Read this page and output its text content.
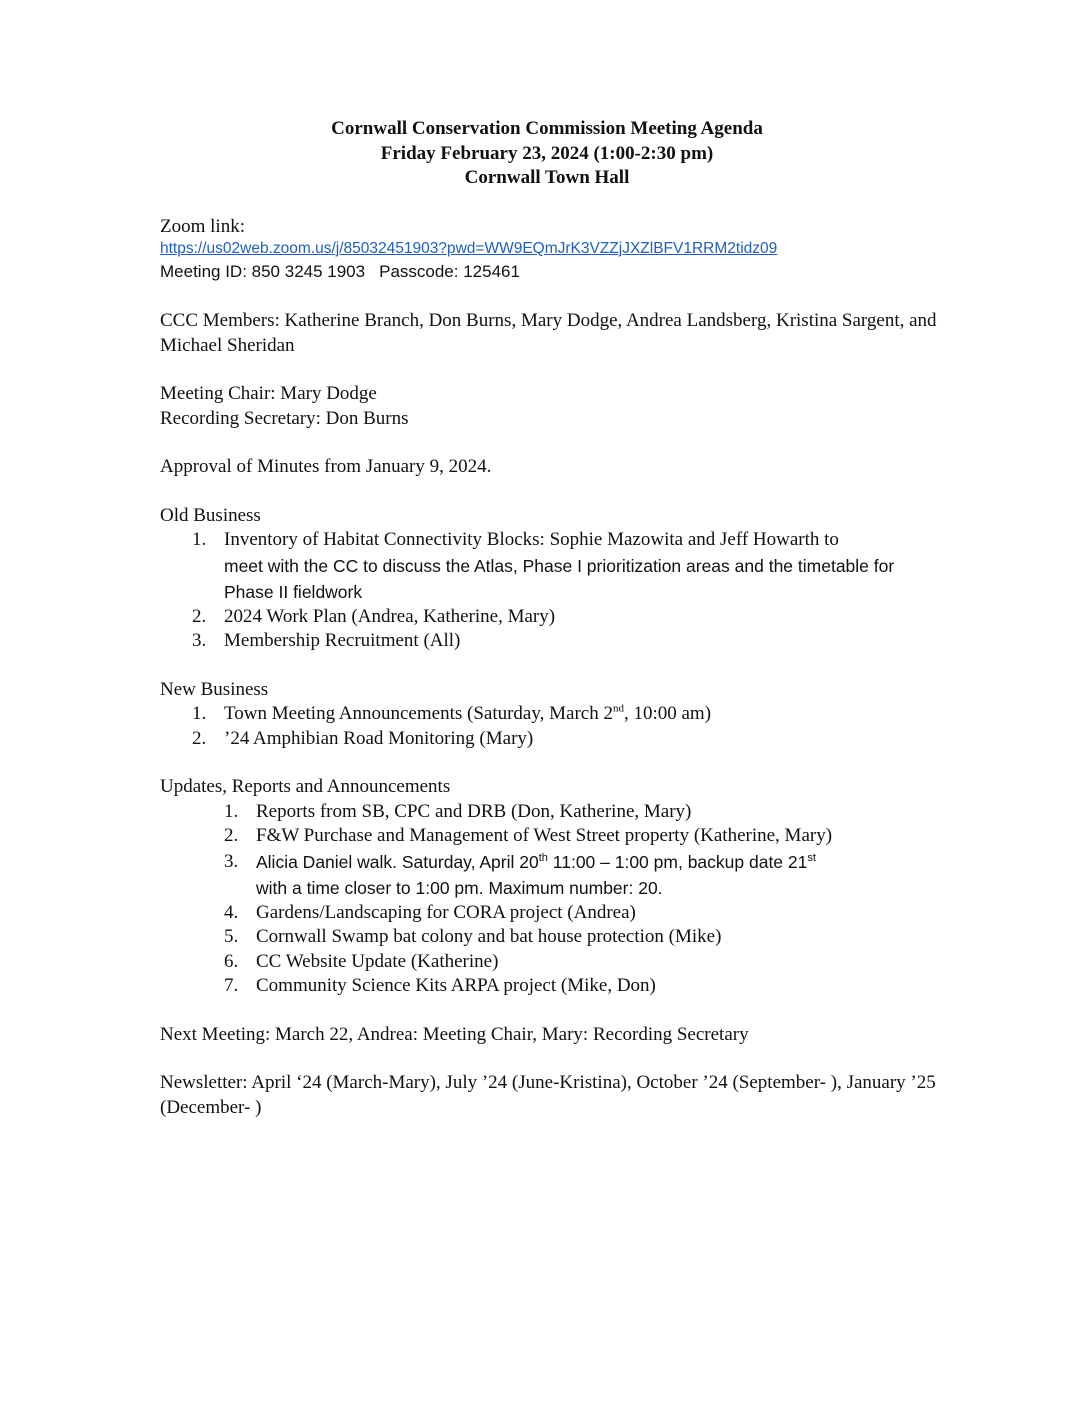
Cornwall Conservation Commission Meeting Agenda
Friday February 23, 2024 (1:00-2:30 pm)
Cornwall Town Hall
Zoom link:
https://us02web.zoom.us/j/85032451903?pwd=WW9EQmJrK3VZZjJXZlBFV1RRM2tidz09
Meeting ID: 850 3245 1903 Passcode: 125461
CCC Members: Katherine Branch, Don Burns, Mary Dodge, Andrea Landsberg, Kristina Sargent, and Michael Sheridan
Meeting Chair: Mary Dodge
Recording Secretary: Don Burns
Approval of Minutes from January 9, 2024.
Old Business
1. Inventory of Habitat Connectivity Blocks: Sophie Mazowita and Jeff Howarth to
meet with the CC to discuss the Atlas, Phase I prioritization areas and the timetable for Phase II fieldwork
2. 2024 Work Plan (Andrea, Katherine, Mary)
3. Membership Recruitment (All)
New Business
1. Town Meeting Announcements (Saturday, March 2nd, 10:00 am)
2. ’24 Amphibian Road Monitoring (Mary)
Updates, Reports and Announcements
1. Reports from SB, CPC and DRB (Don, Katherine, Mary)
2. F&W Purchase and Management of West Street property (Katherine, Mary)
3.	Alicia Daniel walk. Saturday, April 20th 11:00 – 1:00 pm, backup date 21st
with a time closer to 1:00 pm. Maximum number: 20.
4. Gardens/Landscaping for CORA project (Andrea)
5. Cornwall Swamp bat colony and bat house protection (Mike)
6. CC Website Update (Katherine)
7. Community Science Kits ARPA project (Mike, Don)
Next Meeting: March 22, Andrea: Meeting Chair, Mary: Recording Secretary
Newsletter: April ‘24 (March-Mary), July ’24 (June-Kristina), October ’24 (September- ), January ’25 (December- )
